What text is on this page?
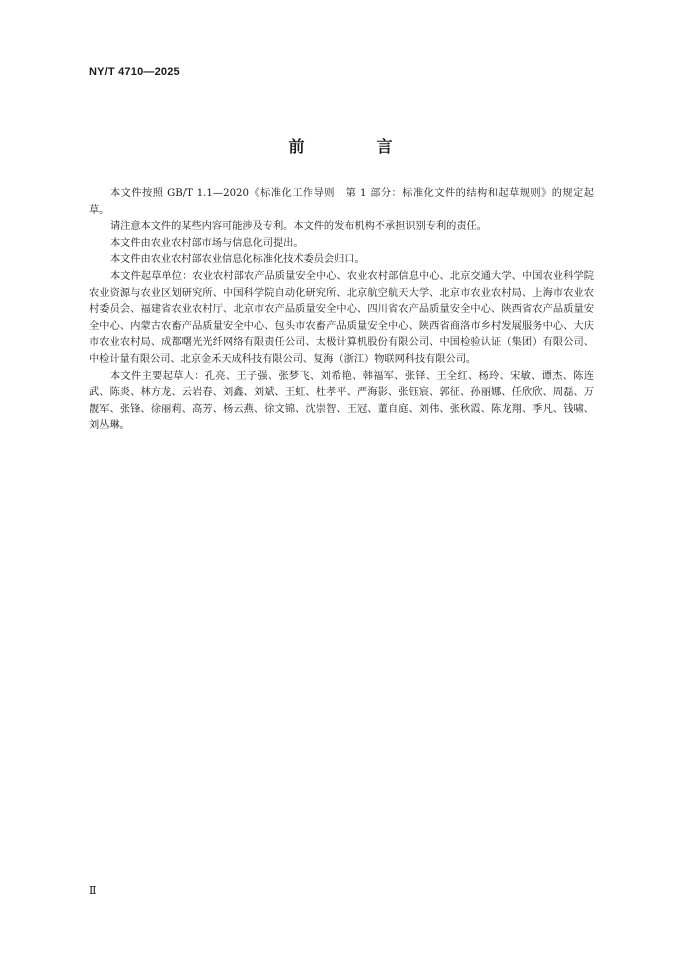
NY/T 4710—2025
前　言

本文件按照 GB/T 1.1—2020《标准化工作导则　第 1 部分：标准化文件的结构和起草规则》的规定起草。

请注意本文件的某些内容可能涉及专利。本文件的发布机构不承担识别专利的责任。

本文件由农业农村部市场与信息化司提出。

本文件由农业农村部农业信息化标准化技术委员会归口。

本文件起草单位：农业农村部农产品质量安全中心、农业农村部信息中心、北京交通大学、中国农业科学院农业资源与农业区划研究所、中国科学院自动化研究所、北京航空航天大学、北京市农业农村局、上海市农业农村委员会、福建省农业农村厅、北京市农产品质量安全中心、四川省农产品质量安全中心、陕西省农产品质量安全中心、内蒙古农畜产品质量安全中心、包头市农畜产品质量安全中心、陕西省商洛市乡村发展服务中心、大庆市农业农村局、成都曙光光纤网络有限责任公司、太极计算机股份有限公司、中国检验认证（集团）有限公司、中检计量有限公司、北京金禾天成科技有限公司、复海（浙江）物联网科技有限公司。

本文件主要起草人：孔亮、王子强、张梦飞、刘希艳、韩福军、张铎、王全红、杨玲、宋敏、谭杰、陈连武、陈炎、林方龙、云岩春、刘鑫、刘斌、王虹、杜孝平、严海影、张钰宸、郭征、孙丽娜、任欣欣、周磊、万靓军、张锋、徐丽莉、高芳、杨云燕、徐文锦、沈崇智、王冠、董自庭、刘伟、张秋霞、陈龙翔、季凡、钱啸、刘丛琳。

Ⅱ
